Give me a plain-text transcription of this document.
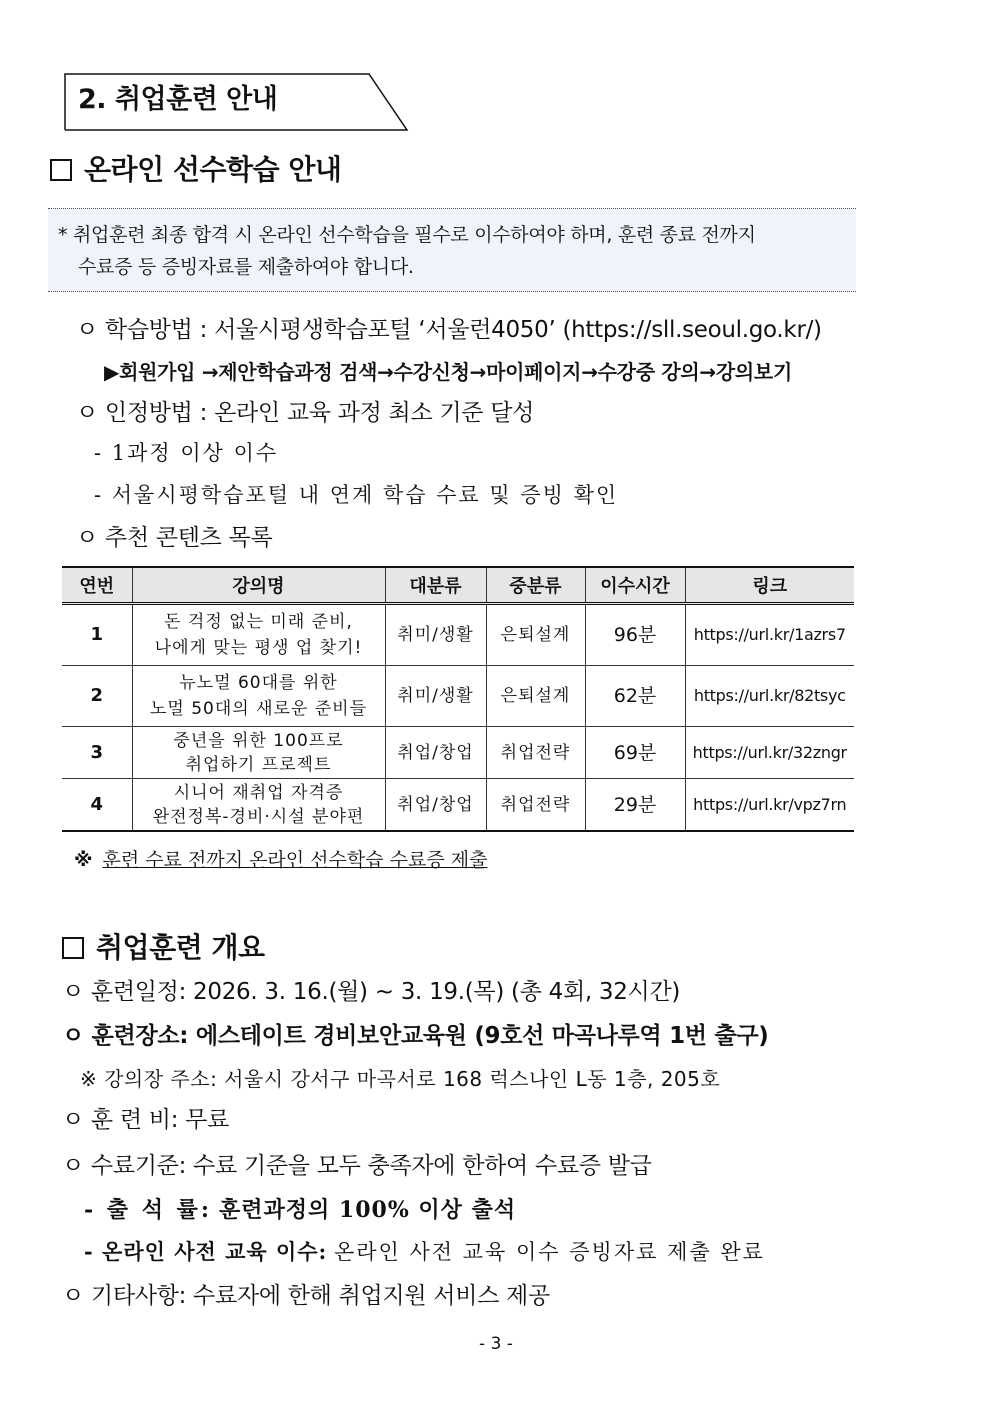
2. 취업훈련 안내
온라인 선수학습 안내
* 취업훈련 최종 합격 시 온라인 선수학습을 필수로 이수하여야 하며, 훈련 종료 전까지
수료증 등 증빙자료를 제출하여야 합니다.
ㅇ 학습방법 : 서울시평생학습포털 ‘서울런4050’ (https://sll.seoul.go.kr/)
▶회원가입 →제안학습과정 검색→수강신청→마이페이지→수강중 강의→강의보기
ㅇ 인정방법 : 온라인 교육 과정 최소 기준 달성
- 1과정 이상 이수
- 서울시평학습포털 내 연계 학습 수료 및 증빙 확인
ㅇ 추천 콘텐츠 목록
연번	강의명	대분류	중분류	이수시간	링크
1	돈 걱정 없는 미래 준비,
나에게 맞는 평생 업 찾기!	취미/생활	은퇴설계	96분	https://url.kr/1azrs7
2	뉴노멀 60대를 위한
노멀 50대의 새로운 준비들	취미/생활	은퇴설계	62분	https://url.kr/82tsyc
3	중년을 위한 100프로
취업하기 프로젝트	취업/창업	취업전략	69분	https://url.kr/32zngr
4	시니어 재취업 자격증
완전정복-경비·시설 분야편	취업/창업	취업전략	29분	https://url.kr/vpz7rn
※ 훈련 수료 전까지 온라인 선수학습 수료증 제출
취업훈련 개요
ㅇ 훈련일정: 2026. 3. 16.(월) ~ 3. 19.(목) (총 4회, 32시간)
ㅇ 훈련장소: 에스테이트 경비보안교육원 (9호선 마곡나루역 1번 출구)
※ 강의장 주소: 서울시 강서구 마곡서로 168 럭스나인 L동 1층, 205호
ㅇ 훈 련 비: 무료
ㅇ 수료기준: 수료 기준을 모두 충족자에 한하여 수료증 발급
- 출 석 률: 훈련과정의 100% 이상 출석
- 온라인 사전 교육 이수: 온라인 사전 교육 이수 증빙자료 제출 완료
ㅇ 기타사항: 수료자에 한해 취업지원 서비스 제공
- 3 -
